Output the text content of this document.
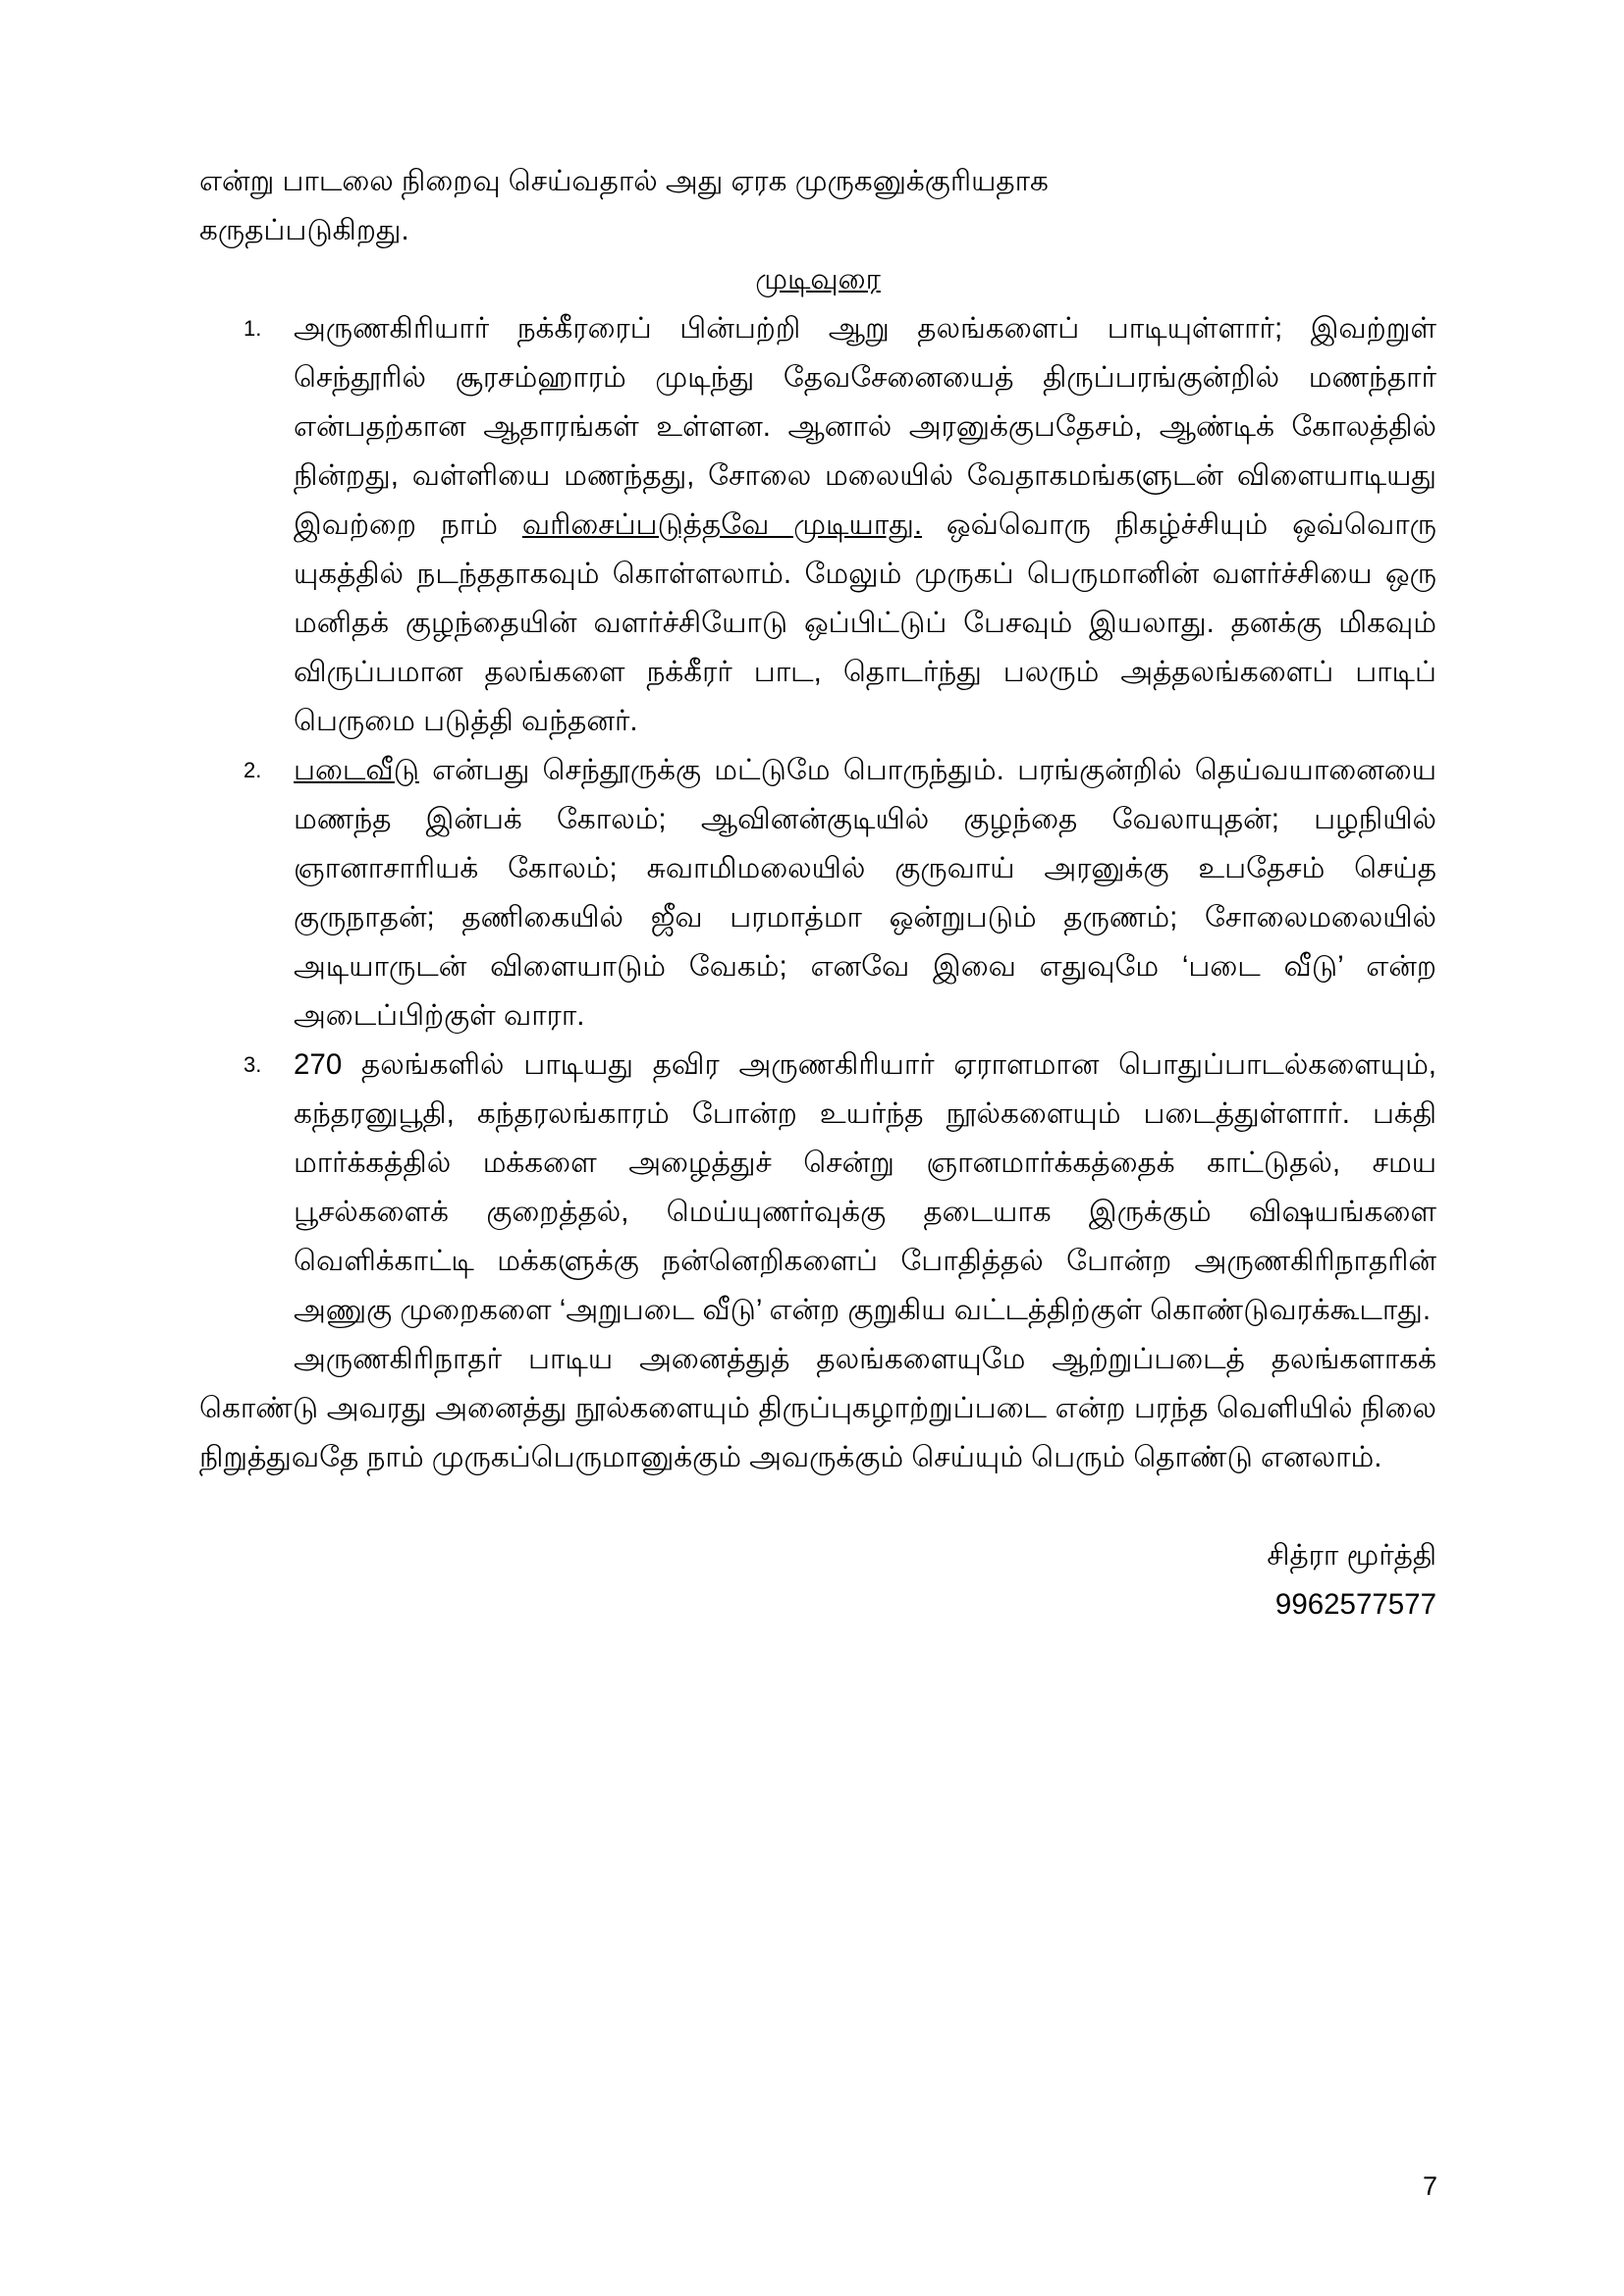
என்று பாடலை நிறைவு செய்வதால் அது ஏரக முருகனுக்குரியதாக
கருதப்படுகிறது.

முடிவுரை

1. அருணகிரியார் நக்கீரரைப் பின்பற்றி ஆறு தலங்களைப் பாடியுள்ளார்; இவற்றுள் செந்தூரில் சூரசம்ஹாரம் முடிந்து தேவசேனையைத் திருப்பரங்குன்றில் மணந்தார் என்பதற்கான ஆதாரங்கள் உள்ளன. ஆனால் அரனுக்குபதேசம், ஆண்டிக் கோலத்தில் நின்றது, வள்ளியை மணந்தது, சோலை மலையில் வேதாகமங்களுடன் விளையாடியது இவற்றை நாம் வரிசைப்படுத்தவே முடியாது. ஒவ்வொரு நிகழ்ச்சியும் ஒவ்வொரு யுகத்தில் நடந்ததாகவும் கொள்ளலாம். மேலும் முருகப் பெருமானின் வளர்ச்சியை ஒரு மனிதக் குழந்தையின் வளர்ச்சியோடு ஒப்பிட்டுப் பேசவும் இயலாது. தனக்கு மிகவும் விருப்பமான தலங்களை நக்கீரர் பாட, தொடர்ந்து பலரும் அத்தலங்களைப் பாடிப் பெருமை படுத்தி வந்தனர்.
2. படைவீடு என்பது செந்தூருக்கு மட்டுமே பொருந்தும். பரங்குன்றில் தெய்வயானையை மணந்த இன்பக் கோலம்; ஆவினன்குடியில் குழந்தை வேலாயுதன்; பழநியில் ஞானாசாரியக் கோலம்; சுவாமிமலையில் குருவாய் அரனுக்கு உபதேசம் செய்த குருநாதன்; தணிகையில் ஜீவ பரமாத்மா ஒன்றுபடும் தருணம்; சோலைமலையில் அடியாருடன் விளையாடும் வேகம்; எனவே இவை எதுவுமே ‘படை வீடு’ என்ற அடைப்பிற்குள் வாரா.
3. 270 தலங்களில் பாடியது தவிர அருணகிரியார் ஏராளமான பொதுப்பாடல்களையும், கந்தரனுபூதி, கந்தரலங்காரம் போன்ற உயர்ந்த நூல்களையும் படைத்துள்ளார். பக்தி மார்க்கத்தில் மக்களை அழைத்துச் சென்று ஞானமார்க்கத்தைக் காட்டுதல், சமய பூசல்களைக் குறைத்தல், மெய்யுணர்வுக்கு தடையாக இருக்கும் விஷயங்களை வெளிக்காட்டி மக்களுக்கு நன்னெறிகளைப் போதித்தல் போன்ற அருணகிரிநாதரின் அணுகு முறைகளை ‘அறுபடை வீடு’ என்ற குறுகிய வட்டத்திற்குள் கொண்டுவரக்கூடாது.

அருணகிரிநாதர் பாடிய அனைத்துத் தலங்களையுமே ஆற்றுப்படைத் தலங்களாகக் கொண்டு அவரது அனைத்து நூல்களையும் திருப்புகழாற்றுப்படை என்ற பரந்த வெளியில் நிலை நிறுத்துவதே நாம் முருகப்பெருமானுக்கும் அவருக்கும் செய்யும் பெரும் தொண்டு எனலாம்.

சித்ரா மூர்த்தி
9962577577
7
